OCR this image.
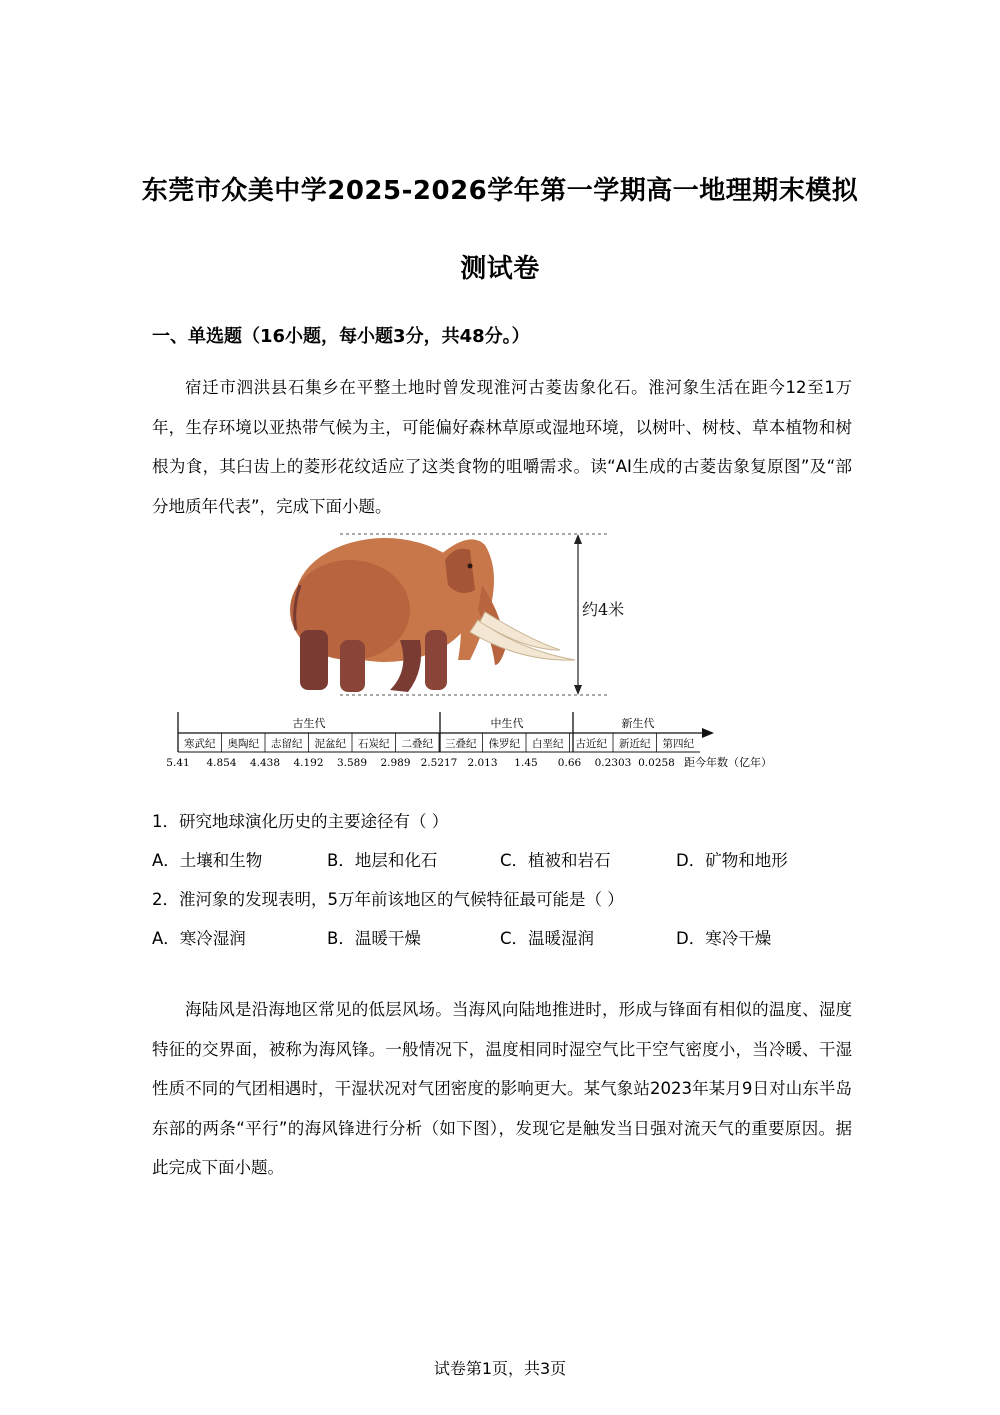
东莞市众美中学2025-2026学年第一学期高一地理期末模拟
测试卷
一、单选题（16小题，每小题3分，共48分。）

宿迁市泗洪县石集乡在平整土地时曾发现淮河古菱齿象化石。淮河象生活在距今12至1万年，生存环境以亚热带气候为主，可能偏好森林草原或湿地环境，以树叶、树枝、草本植物和树根为食，其臼齿上的菱形花纹适应了这类食物的咀嚼需求。读“AI生成的古菱齿象复原图”及“部分地质年代表”，完成下面小题。

约4米
古生代	中生代	新生代
寒武纪 奥陶纪 志留纪 泥盆纪 石炭纪 二叠纪 三叠纪 侏罗纪 白垩纪 古近纪 新近纪 第四纪
5.41 4.854 4.438 4.192 3.589 2.989 2.5217 2.013 1.45 0.66 0.2303 0.0258 距今年数（亿年）
1．研究地球演化历史的主要途径有（ ）
A．土壤和生物	B．地层和化石	C．植被和岩石	D．矿物和地形
2．淮河象的发现表明，5万年前该地区的气候特征最可能是（ ）
A．寒冷湿润	B．温暖干燥	C．温暖湿润	D．寒冷干燥

海陆风是沿海地区常见的低层风场。当海风向陆地推进时，形成与锋面有相似的温度、湿度特征的交界面，被称为海风锋。一般情况下，温度相同时湿空气比干空气密度小，当冷暖、干湿性质不同的气团相遇时，干湿状况对气团密度的影响更大。某气象站2023年某月9日对山东半岛东部的两条“平行”的海风锋进行分析（如下图），发现它是触发当日强对流天气的重要原因。据此完成下面小题。

试卷第1页，共3页
